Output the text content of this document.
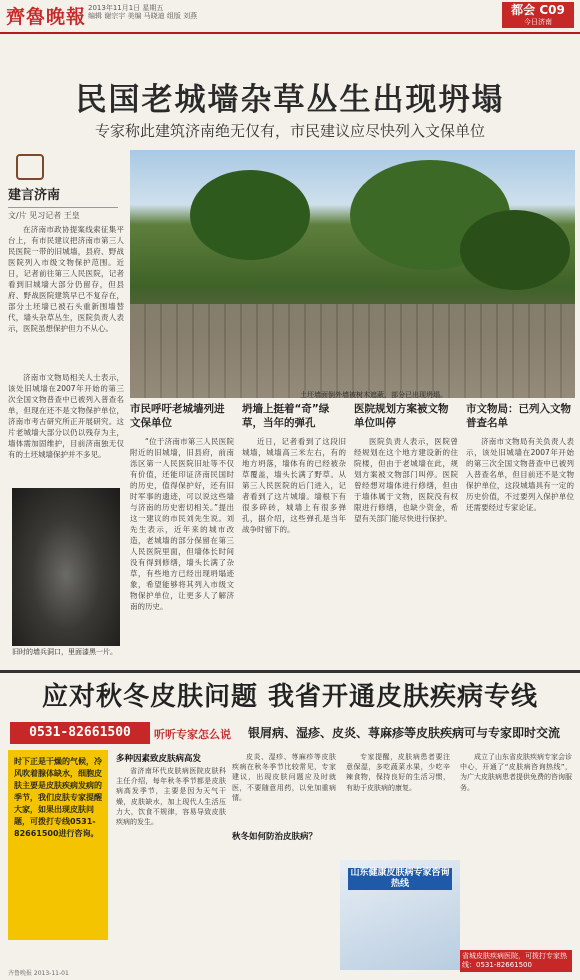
齊魯晚報 2013年11月1日 星期五
编辑 谢宗宇 美编 马晓迪 组版 刘燕	都会 C09
今日济南
民国老城墙杂草丛生出现坍塌
专家称此建筑济南绝无仅有，市民建议应尽快列入文保单位
建言济南
文/片 见习记者 王皇
在济南市政协提案线索征集平台上，有市民建议把济南市第三人民医院一带的旧城墙，县府、野战医院列入市级文物保护范围。近日，记者前往第三人民医院，记者看到旧城墙大部分仍留存，但县府、野战医院建筑早已不复存在，部分土坯墙已被石头重新围墙替代，墙头杂草丛生，医院负责人表示，医院虽想保护但力不从心。
济南市文物局相关人士表示，该处旧城墙在2007年开始的第三次全国文物普查中已被列入普查名单，但现在还不是文物保护单位，济南市考古研究所正开展研究。这片老城墙大部分以仍以残存为主，墙体需加固维护，目前济南独无仅有的土坯城墙保护并不多见。
土坯墙面倒外墙被树木遮蔽，部分已出现坍塌。
市民呼吁老城墙列进文保单位
“位于济南市第三人民医院附近的旧城墙，旧县府，前南泺区第一人民医院旧址等不仅有价值，还能印证济南民国时的历史，值得保护好，还有旧时军事的遗迹，可以说这些墙与济南的历史密切相关。”提出这一建议的市民刘先生说。刘先生表示，近年来的城市改造，老城墙的部分保留在第三人民医院里面，但墙体长时间没有得到修缮，墙头长满了杂草，有些地方已经出现坍塌迹象，希望能够将其列入市级文物保护单位，让更多人了解济南的历史。
坍墙上挺着“奇”绿草，当年的弹孔
近日，记者看到了这段旧城墙，城墙高三米左右，有的地方坍落，墙体有的已经被杂草覆盖，墙头长满了野草。从第三人民医院的后门进入，记者看到了这片城墙。墙根下有很多碎砖，城墙上有很多弹孔，据介绍，这些弹孔是当年战争时留下的。
医院规划方案被文物单位叫停
医院负责人表示，医院曾经规划在这个地方建设新的住院楼，但由于老城墙在此，规划方案被文物部门叫停。医院曾经想对墙体进行修缮，但由于墙体属于文物，医院没有权限进行修缮，也缺少资金，希望有关部门能尽快进行保护。
市文物局：已列入文物普查名单
济南市文物局有关负责人表示，该处旧城墙在2007年开始的第三次全国文物普查中已被列入普查名单，但目前还不是文物保护单位，这段城墙具有一定的历史价值，不过要列入保护单位还需要经过专家论证。
旧时的墙兵洞口，里面漆黑一片。
应对秋冬皮肤问题 我省开通皮肤疾病专线
0531-82661500	听听专家怎么说 银屑病、湿疹、皮炎、荨麻疹等皮肤疾病可与专家即时交流
时下正是干燥的气候，冷风吹着腺体缺水，细胞皮肤主要是皮肤疾病发病的季节，我们皮肤专家提醒大家，如果出现皮肤问题，可拨打专线0531-82661500进行咨询。
多种因素致皮肤病高发
省济南环代皮肤病医院皮肤科主任介绍，每年秋冬季节都是皮肤病高发季节，主要是因为天气干燥，皮肤缺水，加上现代人生活压力大，饮食不规律，容易导致皮肤疾病的发生。
秋冬如何防治皮肤病？
皮炎、湿疹、荨麻疹等皮肤疾病在秋冬季节比较常见，专家建议，出现皮肤问题应及时就医，不要随意用药，以免加重病情。
专家提醒，皮肤病患者要注意保湿，多吃蔬菜水果，少吃辛辣食物，保持良好的生活习惯，有助于皮肤病的康复。
成立了山东省皮肤疾病专家会诊中心，开通了“皮肤病咨询热线”，为广大皮肤病患者提供免费的咨询服务。
山东健康皮肤病专家咨询热线
省城皮肤疾病医院，可拨打专家热线：0531-82661500
齐鲁晚报 2013-11-01
